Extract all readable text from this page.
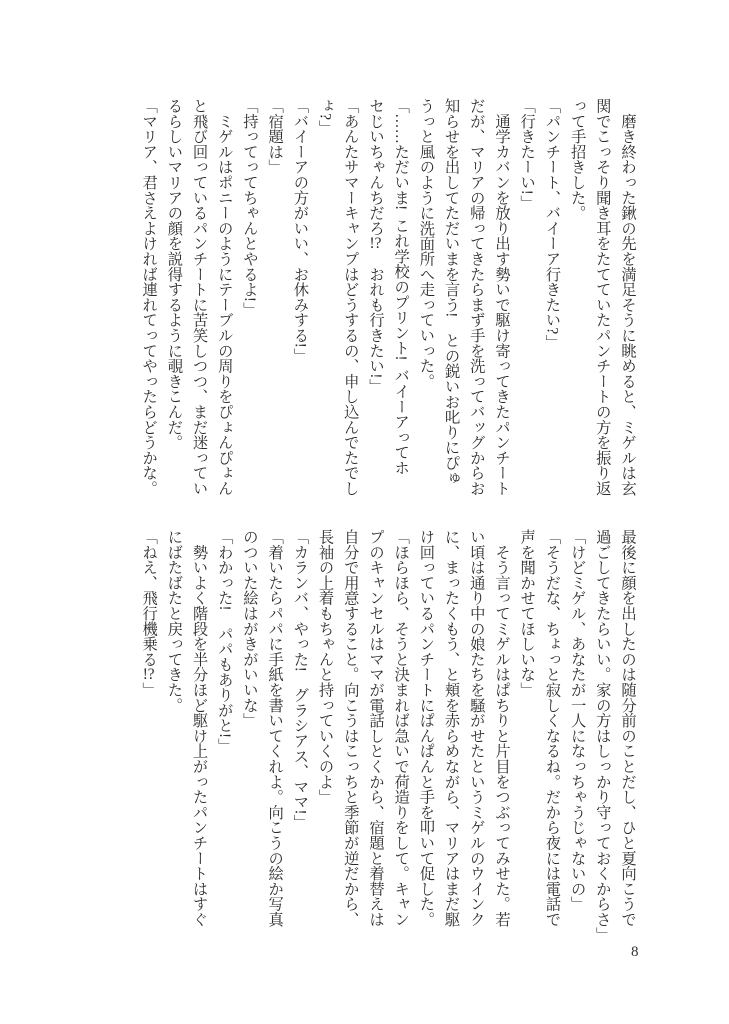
　磨き終わった鍬の先を満足そうに眺めると、ミゲルは玄

関でこっそり聞き耳をたてていたパンチートの方を振り返

って手招きした。

「パンチート、バイーア行きたい?」

「行きたーい!」

　通学カバンを放り出す勢いで駆け寄ってきたパンチート

だが、マリアの帰ってきたらまず手を洗ってバッグからお

知らせを出してただいまを言う!　との鋭いお叱りにぴゅ

うっと風のように洗面所へ走っていった。

「……ただいま! これ学校のプリント! バイーアってホ

セじいちゃんちだろ!?　おれも行きたい!」

「あんたサマーキャンプはどうするの、申し込んでたでし

ょ?」

「バイーアの方がいい、お休みする!」

「宿題は」

「持ってってちゃんとやるよ!」

　ミゲルはポニーのようにテーブルの周りをぴょんぴょん

と飛び回っているパンチートに苦笑しつつ、まだ迷ってい

るらしいマリアの顔を説得するように覗きこんだ。

「マリア、君さえよければ連れてってやったらどうかな。

最後に顔を出したのは随分前のことだし、ひと夏向こうで

過ごしてきたらいい。家の方はしっかり守っておくからさ」

「けどミゲル、あなたが一人になっちゃうじゃないの」

「そうだな、ちょっと寂しくなるね。だから夜には電話で

声を聞かせてほしいな」

　そう言ってミゲルはぱちりと片目をつぶってみせた。若

い頃は通り中の娘たちを騒がせたというミゲルのウインク

に、まったくもう、と頬を赤らめながら、マリアはまだ駆

け回っているパンチートにぱんぱんと手を叩いて促した。

「ほらほら、そうと決まれば急いで荷造りをして。キャン

プのキャンセルはママが電話しとくから、宿題と着替えは

自分で用意すること。向こうはこっちと季節が逆だから、

長袖の上着もちゃんと持っていくのよ」

「カランバ、やった!　グラシアス、ママ!」

「着いたらパパに手紙を書いてくれよ。向こうの絵か写真

のついた絵はがきがいいな」

「わかった!　パパもありがと!」

　勢いよく階段を半分ほど駆け上がったパンチートはすぐ

にばたばたと戻ってきた。

「ねえ、飛行機乗る!?」

8
